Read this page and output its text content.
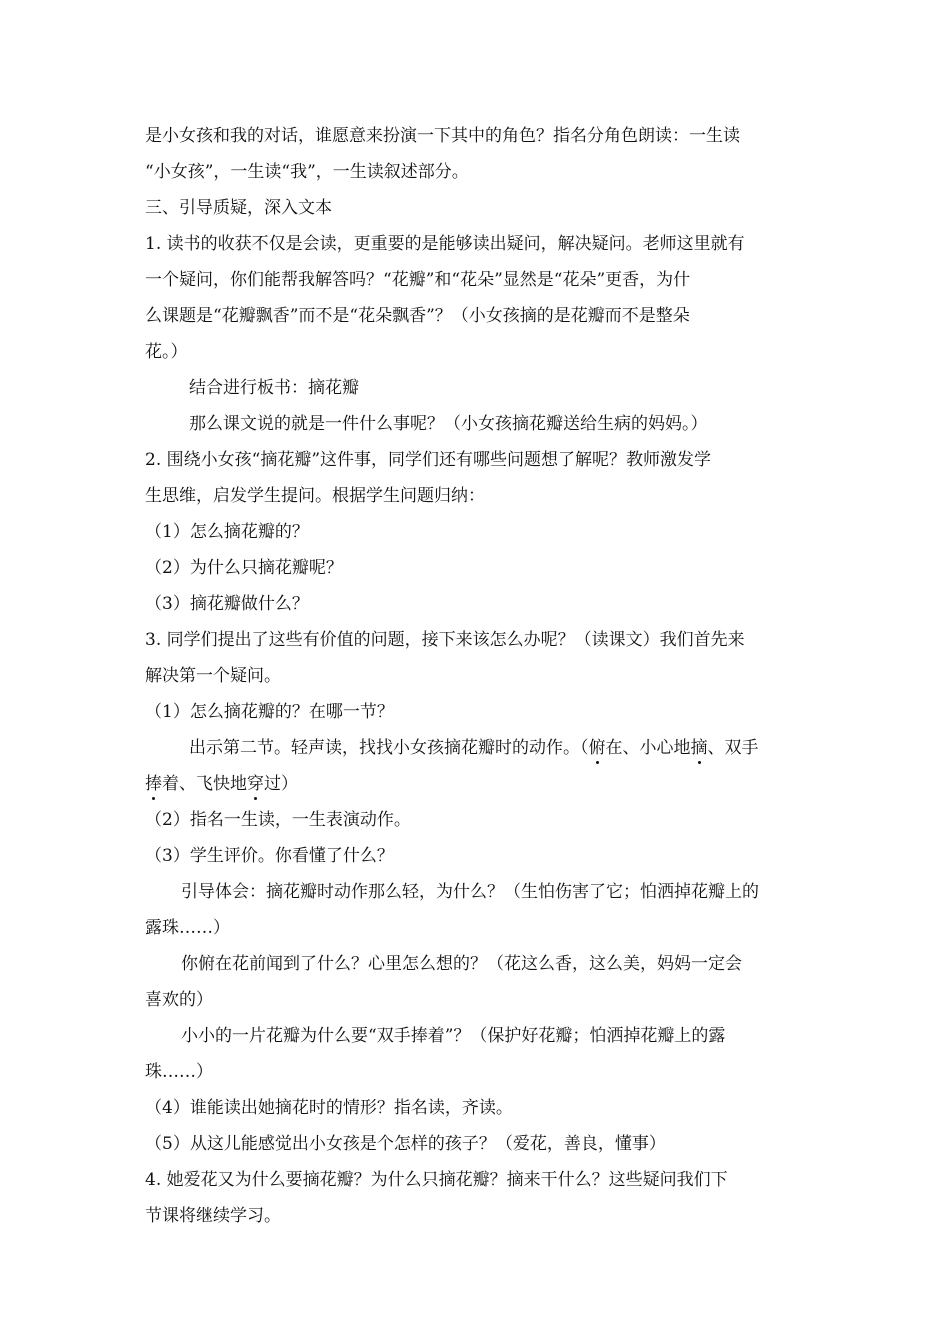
是小女孩和我的对话，谁愿意来扮演一下其中的角色？指名分角色朗读：一生读
“小女孩”，一生读“我”，一生读叙述部分。
三、引导质疑，深入文本
1. 读书的收获不仅是会读，更重要的是能够读出疑问，解决疑问。老师这里就有
一个疑问，你们能帮我解答吗？“花瓣”和“花朵”显然是“花朵”更香，为什
么课题是“花瓣飘香”而不是“花朵飘香”？（小女孩摘的是花瓣而不是整朵
花。）
结合进行板书：摘花瓣
那么课文说的就是一件什么事呢？（小女孩摘花瓣送给生病的妈妈。）
2. 围绕小女孩“摘花瓣”这件事，同学们还有哪些问题想了解呢？教师激发学
生思维，启发学生提问。根据学生问题归纳：
（1）怎么摘花瓣的？
（2）为什么只摘花瓣呢？
（3）摘花瓣做什么？
3. 同学们提出了这些有价值的问题，接下来该怎么办呢？（读课文）我们首先来
解决第一个疑问。
（1）怎么摘花瓣的？在哪一节？
出示第二节。轻声读，找找小女孩摘花瓣时的动作。（俯在、小心地摘、双手
捧着、飞快地穿过）
（2）指名一生读，一生表演动作。
（3）学生评价。你看懂了什么？
引导体会：摘花瓣时动作那么轻，为什么？（生怕伤害了它；怕洒掉花瓣上的
露珠……）
你俯在花前闻到了什么？心里怎么想的？（花这么香，这么美，妈妈一定会
喜欢的）
小小的一片花瓣为什么要“双手捧着”？（保护好花瓣；怕洒掉花瓣上的露
珠……）
（4）谁能读出她摘花时的情形？指名读，齐读。
（5）从这儿能感觉出小女孩是个怎样的孩子？（爱花，善良，懂事）
4. 她爱花又为什么要摘花瓣？为什么只摘花瓣？摘来干什么？这些疑问我们下
节课将继续学习。
